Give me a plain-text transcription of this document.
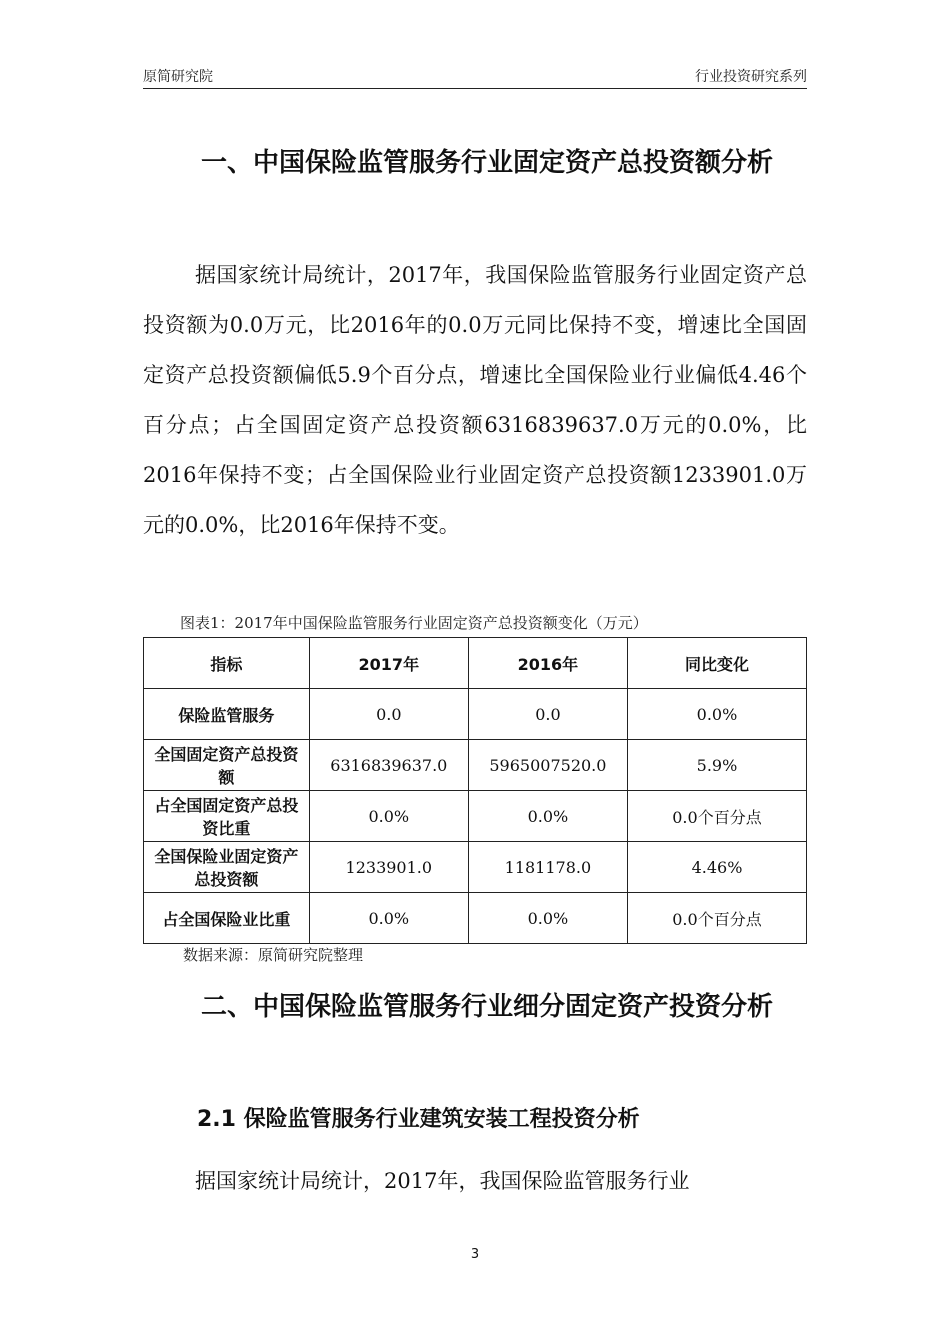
原简研究院	行业投资研究系列
一、中国保险监管服务行业固定资产总投资额分析

据国家统计局统计，2017年，我国保险监管服务行业固定资产总投资额为0.0万元，比2016年的0.0万元同比保持不变，增速比全国固定资产总投资额偏低5.9个百分点，增速比全国保险业行业偏低4.46个百分点；占全国固定资产总投资额6316839637.0万元的0.0%，比2016年保持不变；占全国保险业行业固定资产总投资额1233901.0万元的0.0%，比2016年保持不变。

图表1：2017年中国保险监管服务行业固定资产总投资额变化（万元）
指标	2017年	2016年	同比变化
保险监管服务	0.0	0.0	0.0%
全国固定资产总投资额	6316839637.0	5965007520.0	5.9%
占全国固定资产总投资比重	0.0%	0.0%	0.0个百分点
全国保险业固定资产总投资额	1233901.0	1181178.0	4.46%
占全国保险业比重	0.0%	0.0%	0.0个百分点
数据来源：原简研究院整理
二、中国保险监管服务行业细分固定资产投资分析
2.1 保险监管服务行业建筑安装工程投资分析

据国家统计局统计，2017年，我国保险监管服务行业

3
